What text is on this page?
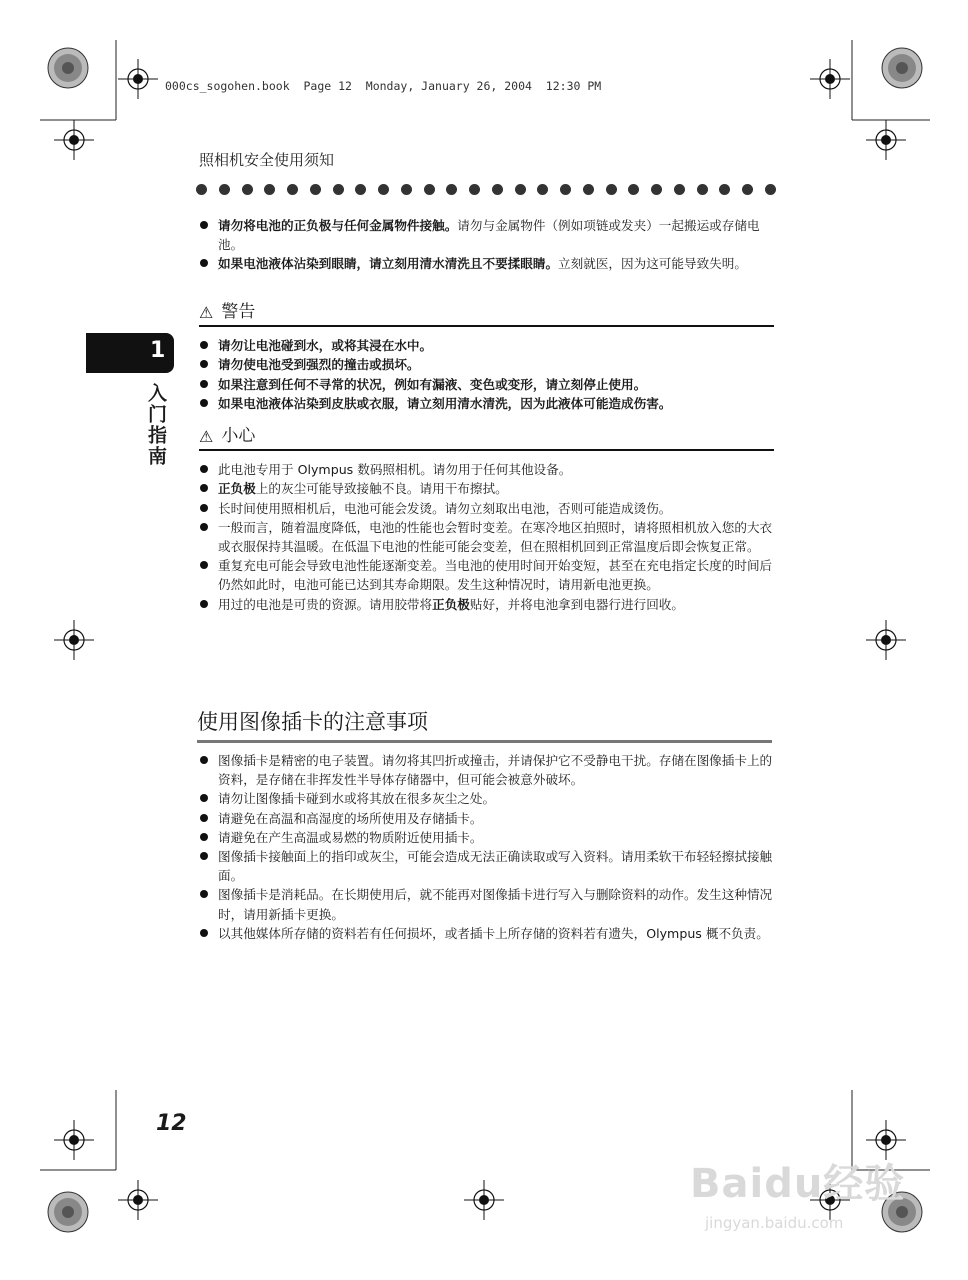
000cs_sogohen.book  Page 12  Monday, January 26, 2004  12:30 PM
照相机安全使用须知
请勿将电池的正负极与任何金属物件接触。请勿与金属物件（例如项链或发夹）一起搬运或存储电池。
如果电池液体沾染到眼睛，请立刻用清水清洗且不要揉眼睛。立刻就医，因为这可能导致失明。
⚠ 警告
请勿让电池碰到水，或将其浸在水中。
请勿使电池受到强烈的撞击或损坏。
如果注意到任何不寻常的状况，例如有漏液、变色或变形，请立刻停止使用。
如果电池液体沾染到皮肤或衣服，请立刻用清水清洗，因为此液体可能造成伤害。
⚠ 小心
此电池专用于 Olympus 数码照相机。请勿用于任何其他设备。
正负极上的灰尘可能导致接触不良。请用干布擦拭。
长时间使用照相机后，电池可能会发烫。请勿立刻取出电池，否则可能造成烫伤。
一般而言，随着温度降低，电池的性能也会暂时变差。在寒冷地区拍照时，请将照相机放入您的大衣或衣服保持其温暖。在低温下电池的性能可能会变差，但在照相机回到正常温度后即会恢复正常。
重复充电可能会导致电池性能逐渐变差。当电池的使用时间开始变短，甚至在充电指定长度的时间后仍然如此时，电池可能已达到其寿命期限。发生这种情况时，请用新电池更换。
用过的电池是可贵的资源。请用胶带将正负极贴好，并将电池拿到电器行进行回收。
使用图像插卡的注意事项
图像插卡是精密的电子装置。请勿将其凹折或撞击，并请保护它不受静电干扰。存储在图像插卡上的资料，是存储在非挥发性半导体存储器中，但可能会被意外破坏。
请勿让图像插卡碰到水或将其放在很多灰尘之处。
请避免在高温和高湿度的场所使用及存储插卡。
请避免在产生高温或易燃的物质附近使用插卡。
图像插卡接触面上的指印或灰尘，可能会造成无法正确读取或写入资料。请用柔软干布轻轻擦拭接触面。
图像插卡是消耗品。在长期使用后，就不能再对图像插卡进行写入与删除资料的动作。发生这种情况时，请用新插卡更换。
以其他媒体所存储的资料若有任何损坏，或者插卡上所存储的资料若有遗失，Olympus 概不负责。
1
入门指南
12
Baidu经验
jingyan.baidu.com
